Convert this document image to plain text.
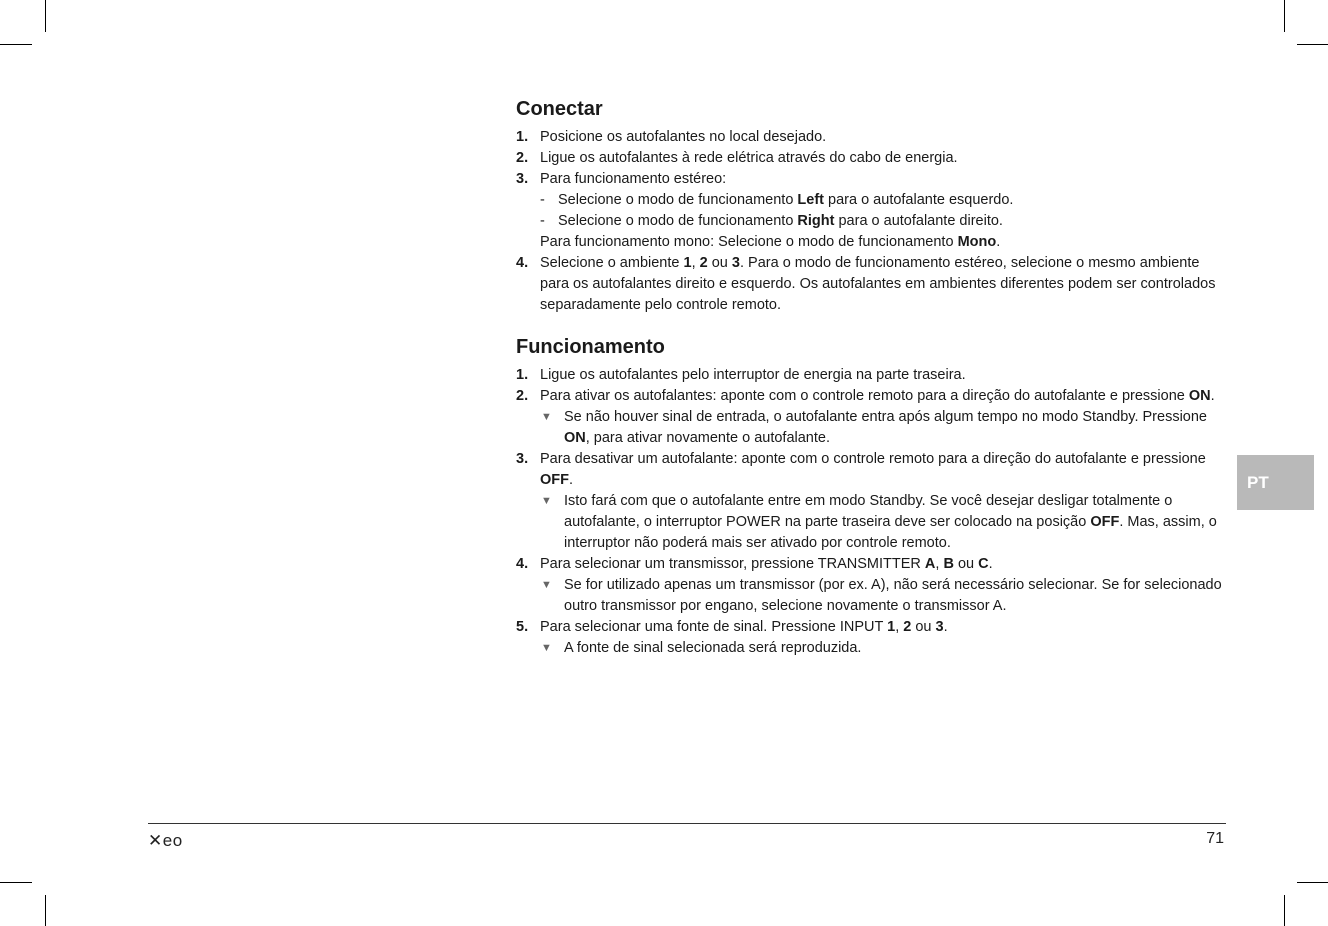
Conectar
1. Posicione os autofalantes no local desejado.
2. Ligue os autofalantes à rede elétrica através do cabo de energia.
3. Para funcionamento estéreo:
- Selecione o modo de funcionamento Left para o autofalante esquerdo.
- Selecione o modo de funcionamento Right para o autofalante direito.
Para funcionamento mono: Selecione o modo de funcionamento Mono.
4. Selecione o ambiente 1, 2 ou 3. Para o modo de funcionamento estéreo, selecione o mesmo ambiente para os autofalantes direito e esquerdo. Os autofalantes em ambientes diferentes podem ser controlados separadamente pelo controle remoto.
Funcionamento
1. Ligue os autofalantes pelo interruptor de energia na parte traseira.
2. Para ativar os autofalantes: aponte com o controle remoto para a direção do autofalante e pressione ON.
▼ Se não houver sinal de entrada, o autofalante entra após algum tempo no modo Standby. Pressione ON, para ativar novamente o autofalante.
3. Para desativar um autofalante: aponte com o controle remoto para a direção do autofalante e pressione OFF.
▼ Isto fará com que o autofalante entre em modo Standby. Se você desejar desligar totalmente o autofalante, o interruptor POWER na parte traseira deve ser colocado na posição OFF. Mas, assim, o interruptor não poderá mais ser ativado por controle remoto.
4. Para selecionar um transmissor, pressione TRANSMITTER A, B ou C.
▼ Se for utilizado apenas um transmissor (por ex. A), não será necessário selecionar. Se for selecionado outro transmissor por engano, selecione novamente o transmissor A.
5. Para selecionar uma fonte de sinal. Pressione INPUT 1, 2 ou 3.
▼ A fonte de sinal selecionada será reproduzida.
PT
✕eo	71
